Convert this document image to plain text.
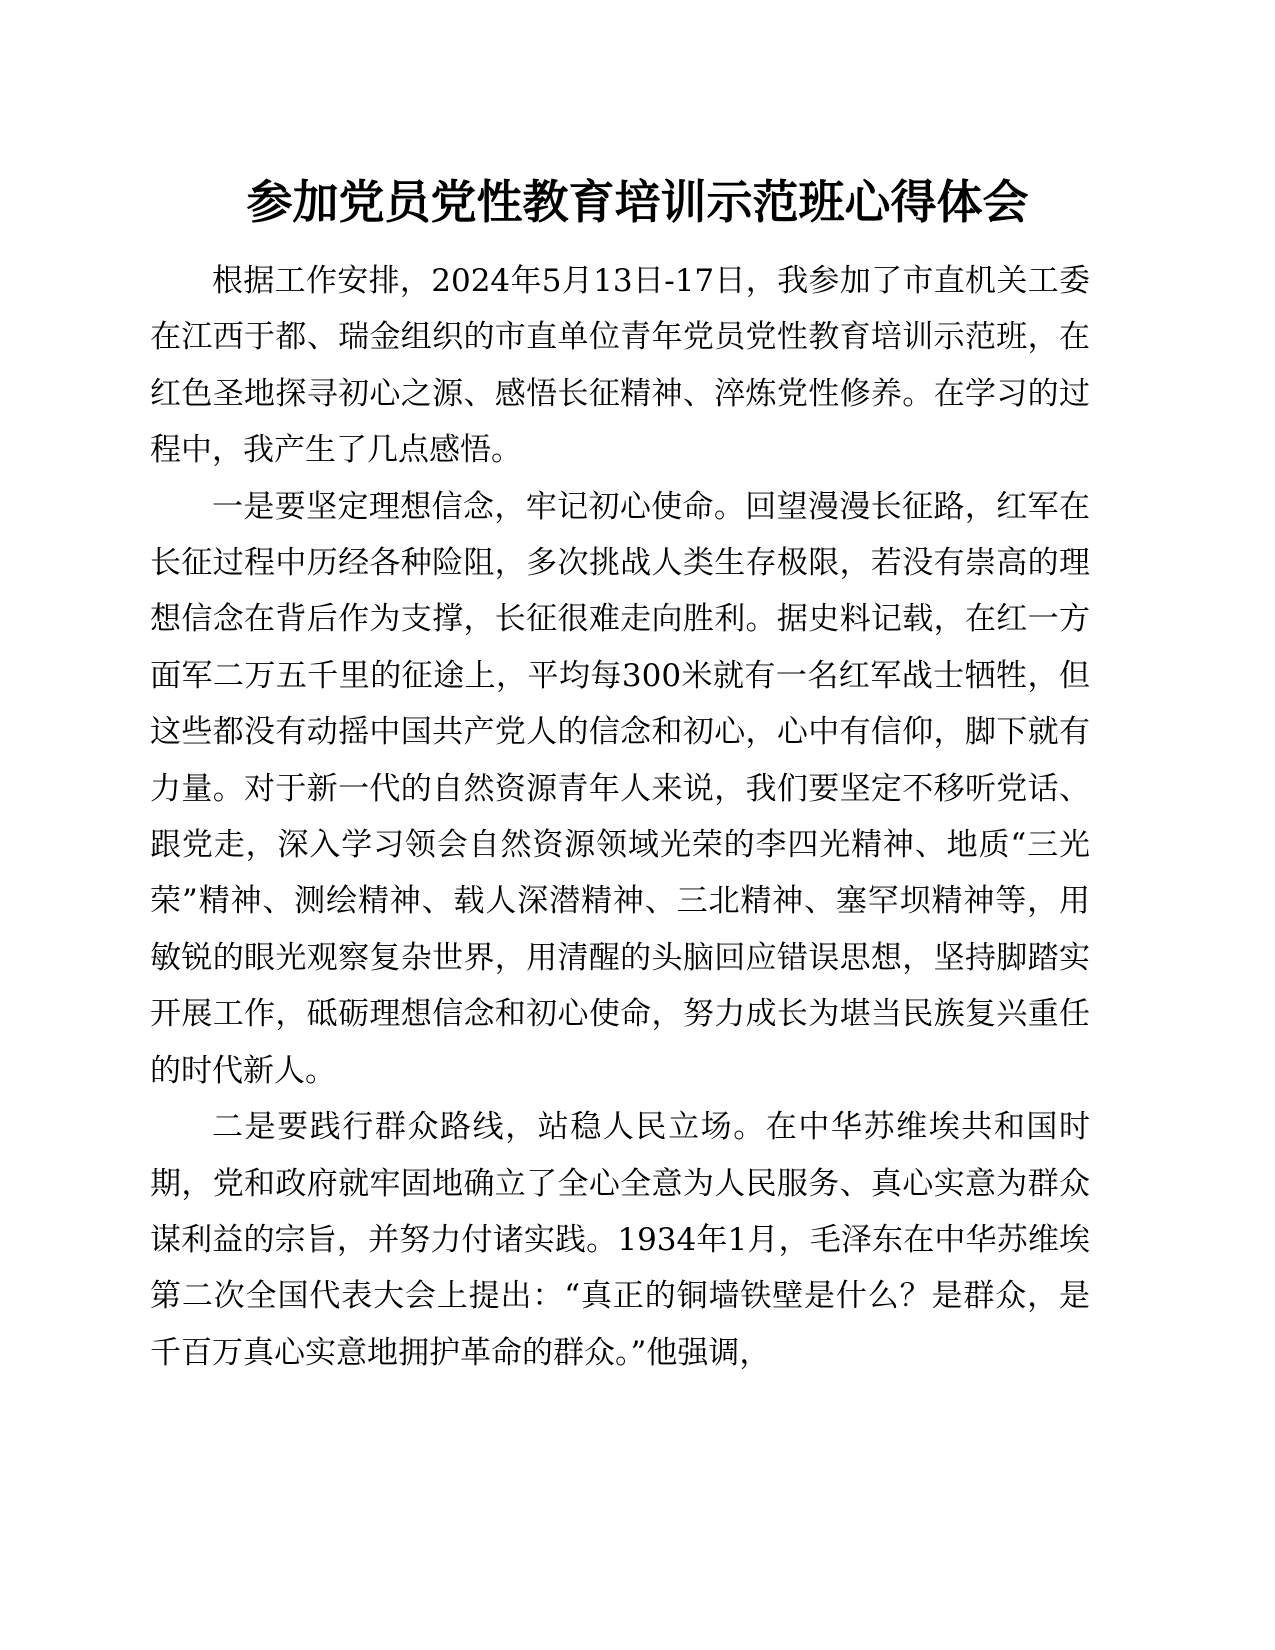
参加党员党性教育培训示范班心得体会

根据工作安排，2024年5月13日-17日，我参加了市直机关工委在江西于都、瑞金组织的市直单位青年党员党性教育培训示范班，在红色圣地探寻初心之源、感悟长征精神、淬炼党性修养。在学习的过程中，我产生了几点感悟。

一是要坚定理想信念，牢记初心使命。回望漫漫长征路，红军在长征过程中历经各种险阻，多次挑战人类生存极限，若没有崇高的理想信念在背后作为支撑，长征很难走向胜利。据史料记载，在红一方面军二万五千里的征途上，平均每300米就有一名红军战士牺牲，但这些都没有动摇中国共产党人的信念和初心，心中有信仰，脚下就有力量。对于新一代的自然资源青年人来说，我们要坚定不移听党话、跟党走，深入学习领会自然资源领域光荣的李四光精神、地质“三光荣”精神、测绘精神、载人深潜精神、三北精神、塞罕坝精神等，用敏锐的眼光观察复杂世界，用清醒的头脑回应错误思想，坚持脚踏实开展工作，砥砺理想信念和初心使命，努力成长为堪当民族复兴重任的时代新人。

二是要践行群众路线，站稳人民立场。在中华苏维埃共和国时期，党和政府就牢固地确立了全心全意为人民服务、真心实意为群众谋利益的宗旨，并努力付诸实践。1934年1月，毛泽东在中华苏维埃第二次全国代表大会上提出：“真正的铜墙铁壁是什么？是群众，是千百万真心实意地拥护革命的群众。”他强调，
